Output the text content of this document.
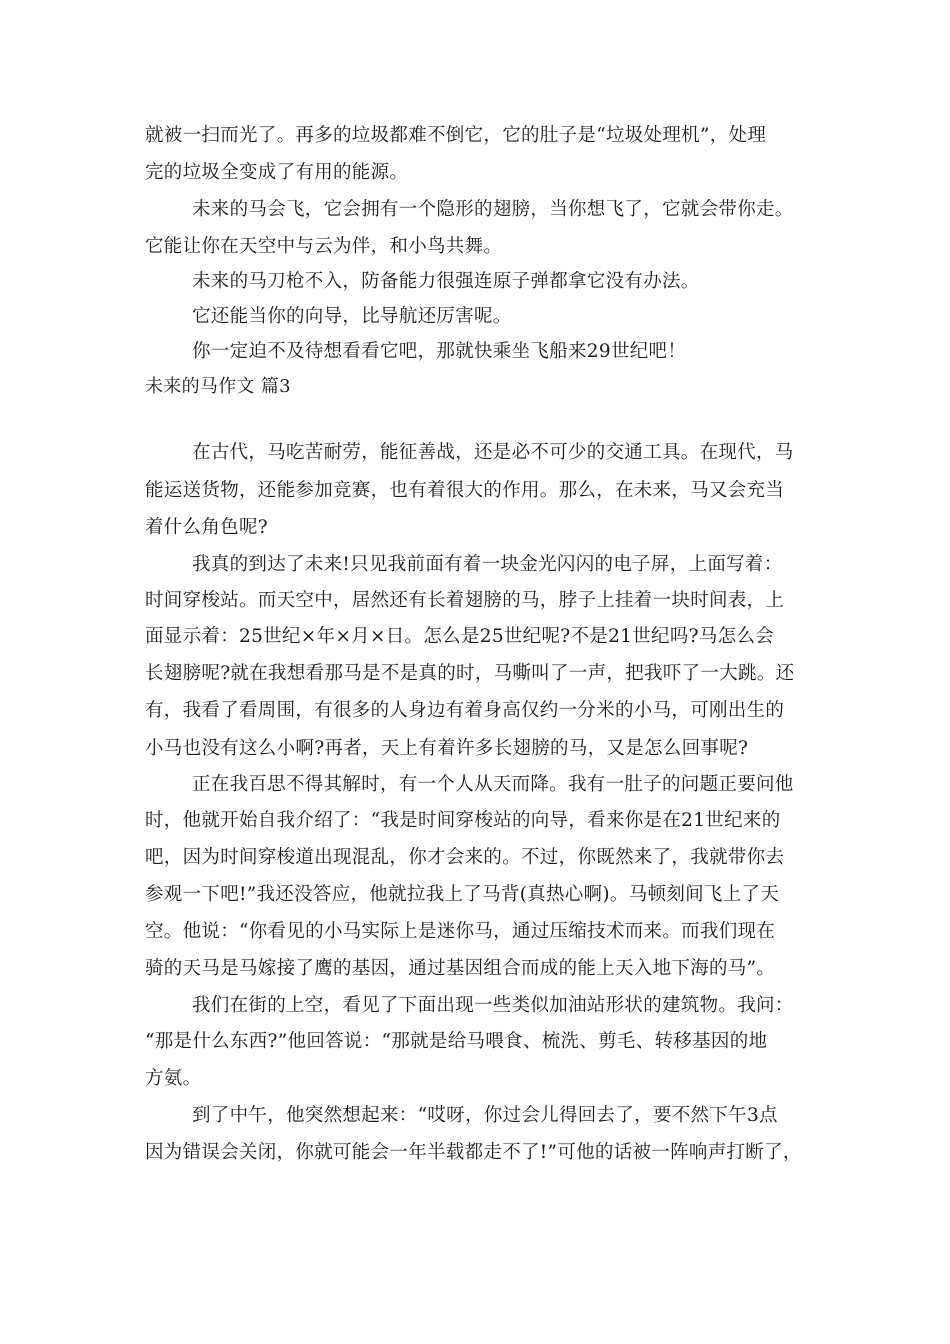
就被一扫而光了。再多的垃圾都难不倒它，它的肚子是“垃圾处理机”，处理
完的垃圾全变成了有用的能源。
未来的马会飞，它会拥有一个隐形的翅膀，当你想飞了，它就会带你走。
它能让你在天空中与云为伴，和小鸟共舞。
未来的马刀枪不入，防备能力很强连原子弹都拿它没有办法。
它还能当你的向导，比导航还厉害呢。
你一定迫不及待想看看它吧，那就快乘坐飞船来29世纪吧！
未来的马作文 篇3
在古代，马吃苦耐劳，能征善战，还是必不可少的交通工具。在现代，马
能运送货物，还能参加竞赛，也有着很大的作用。那么，在未来，马又会充当
着什么角色呢?
我真的到达了未来!只见我前面有着一块金光闪闪的电子屏，上面写着：
时间穿梭站。而天空中，居然还有长着翅膀的马，脖子上挂着一块时间表，上
面显示着：25世纪×年×月×日。怎么是25世纪呢?不是21世纪吗?马怎么会
长翅膀呢?就在我想看那马是不是真的时，马嘶叫了一声，把我吓了一大跳。还
有，我看了看周围，有很多的人身边有着身高仅约一分米的小马，可刚出生的
小马也没有这么小啊?再者，天上有着许多长翅膀的马，又是怎么回事呢?
正在我百思不得其解时，有一个人从天而降。我有一肚子的问题正要问他
时，他就开始自我介绍了：“我是时间穿梭站的向导，看来你是在21世纪来的
吧，因为时间穿梭道出现混乱，你才会来的。不过，你既然来了，我就带你去
参观一下吧!”我还没答应，他就拉我上了马背(真热心啊)。马顿刻间飞上了天
空。他说：“你看见的小马实际上是迷你马，通过压缩技术而来。而我们现在
骑的天马是马嫁接了鹰的基因，通过基因组合而成的能上天入地下海的马”。
我们在街的上空，看见了下面出现一些类似加油站形状的建筑物。我问：
“那是什么东西?”他回答说：“那就是给马喂食、梳洗、剪毛、转移基因的地
方氨。
到了中午，他突然想起来：“哎呀，你过会儿得回去了，要不然下午3点
因为错误会关闭，你就可能会一年半载都走不了!”可他的话被一阵响声打断了，
